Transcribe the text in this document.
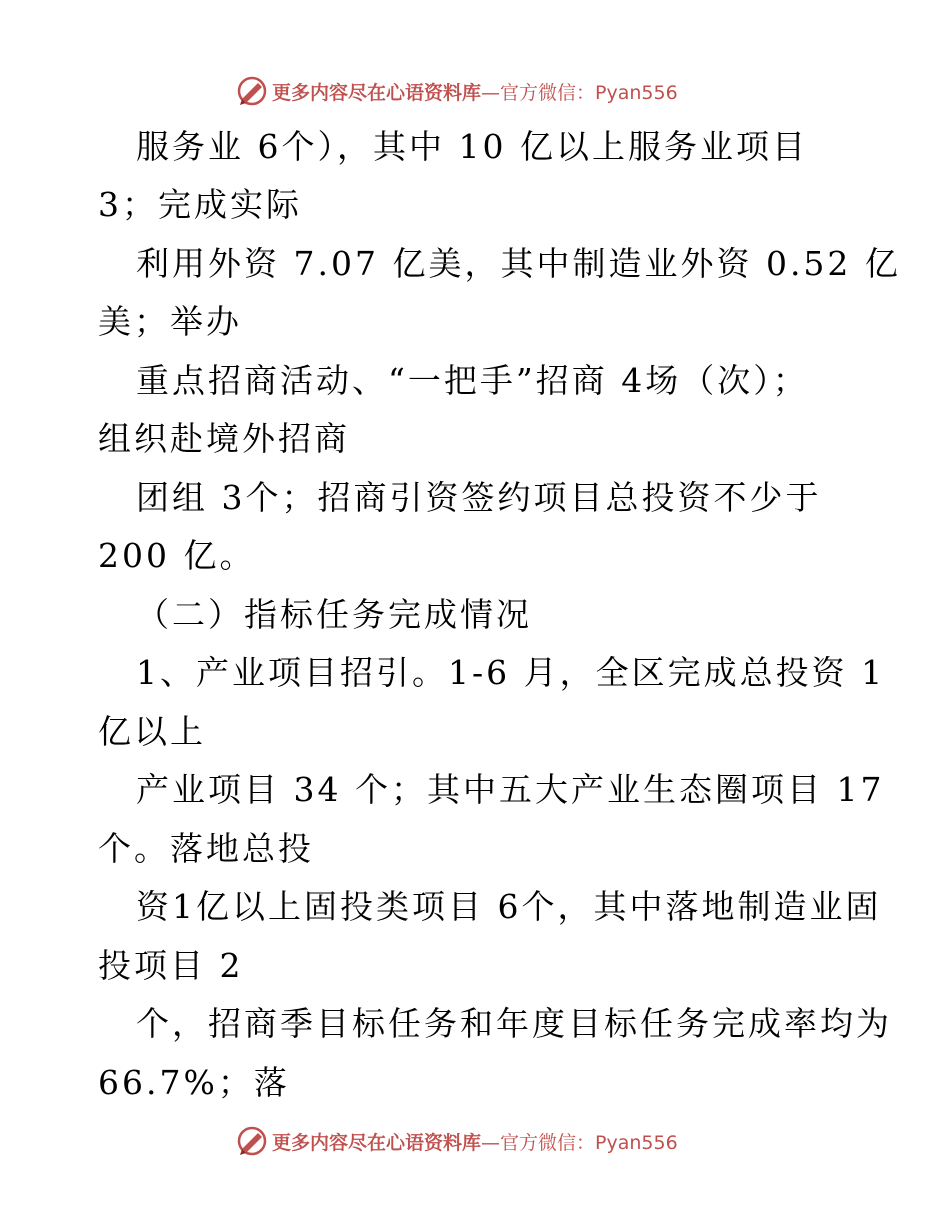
更多内容尽在心语资料库 —官方微信：Pyan556
服务业 6个），其中 10 亿以上服务业项目
3；完成实际
利用外资 7.07 亿美，其中制造业外资 0.52 亿
美；举办
重点招商活动、“一把手”招商 4场（次）；
组织赴境外招商
团组 3个；招商引资签约项目总投资不少于
200 亿。
（二）指标任务完成情况
1、产业项目招引。1-6 月，全区完成总投资 1
亿以上
产业项目 34 个；其中五大产业生态圈项目 17
个。落地总投
资1亿以上固投类项目 6个，其中落地制造业固
投项目 2
个，招商季目标任务和年度目标任务完成率均为
66.7%；落
更多内容尽在心语资料库 —官方微信：Pyan556
